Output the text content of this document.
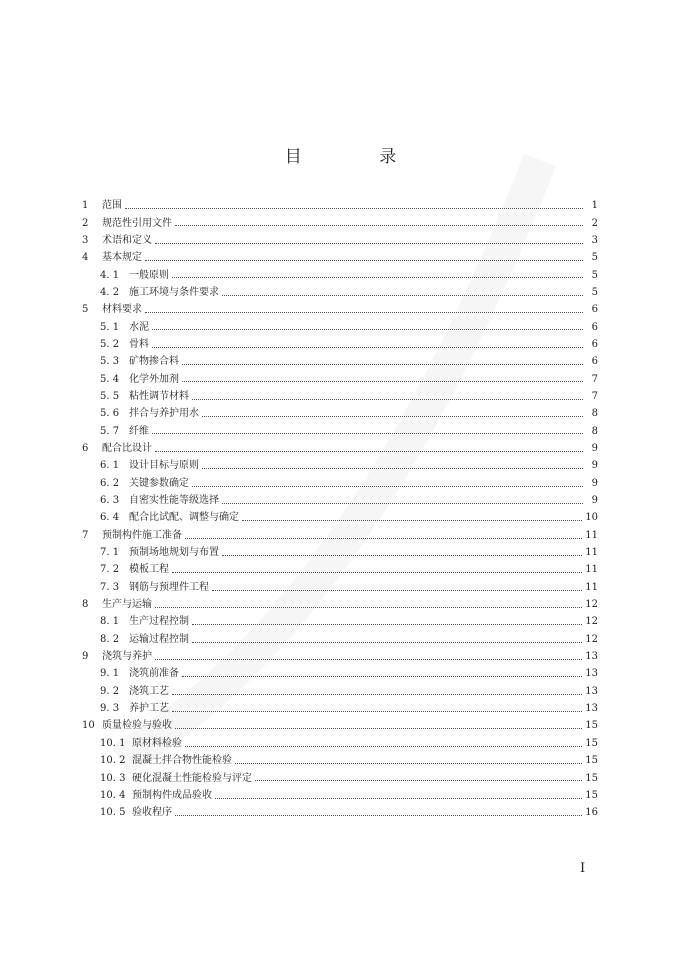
目 录
1	范围	1
2	规范性引用文件	2
3	术语和定义	3
4	基本规定	5
4. 1 一般原则	5
4. 2 施工环境与条件要求	5
5	材料要求	6
5. 1 水泥	6
5. 2 骨料	6
5. 3 矿物掺合料	6
5. 4 化学外加剂	7
5. 5 粘性调节材料	7
5. 6 拌合与养护用水	8
5. 7 纤维	8
6	配合比设计	9
6. 1 设计目标与原则	9
6. 2 关键参数确定	9
6. 3 自密实性能等级选择	9
6. 4 配合比试配、调整与确定	10
7	预制构件施工准备	11
7. 1 预制场地规划与布置	11
7. 2 模板工程	11
7. 3 钢筋与预埋件工程	11
8	生产与运输	12
8. 1 生产过程控制	12
8. 2 运输过程控制	12
9	浇筑与养护	13
9. 1 浇筑前准备	13
9. 2 浇筑工艺	13
9. 3 养护工艺	13
10 质量检验与验收	15
10. 1 原材料检验	15
10. 2 混凝土拌合物性能检验	15
10. 3 硬化混凝土性能检验与评定	15
10. 4 预制构件成品验收	15
10. 5 验收程序	16
I
